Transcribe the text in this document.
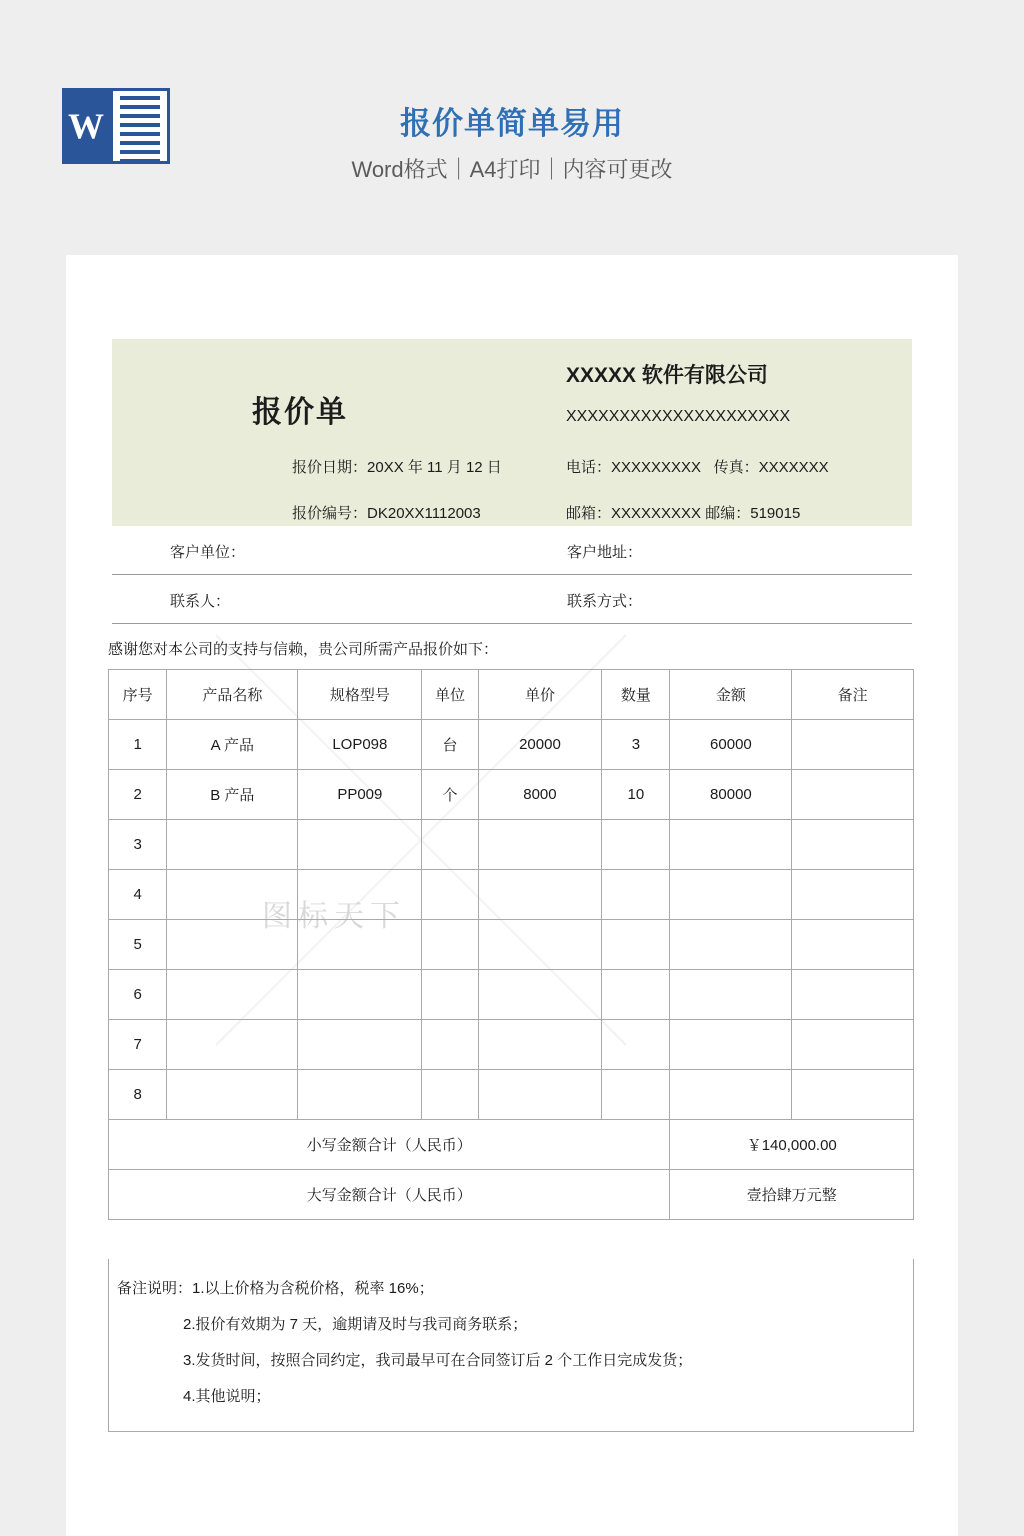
W	报价单简单易用
Word格式｜A4打印｜内容可更改
图标天下
报价单
XXXXX 软件有限公司
XXXXXXXXXXXXXXXXXXXXX
报价日期：20XX 年 11 月 12 日	电话：XXXXXXXXX 传真：XXXXXXX
报价编号：DK20XX1112003	邮箱：XXXXXXXXX 邮编：519015
客户单位：	客户地址：
联系人：	联系方式：
感谢您对本公司的支持与信赖，贵公司所需产品报价如下：
序号	产品名称	规格型号	单位	单价	数量	金额	备注
1	A 产品	LOP098	台	20000	3	60000	
2	B 产品	PP009	个	8000	10	80000	
3							
4							
5							
6							
7							
8							
小写金额合计（人民币）						￥140,000.00	
大写金额合计（人民币）						壹拾肆万元整	
备注说明：1.以上价格为含税价格，税率 16%；
2.报价有效期为 7 天，逾期请及时与我司商务联系；
3.发货时间，按照合同约定，我司最早可在合同签订后 2 个工作日完成发货；
4.其他说明；
